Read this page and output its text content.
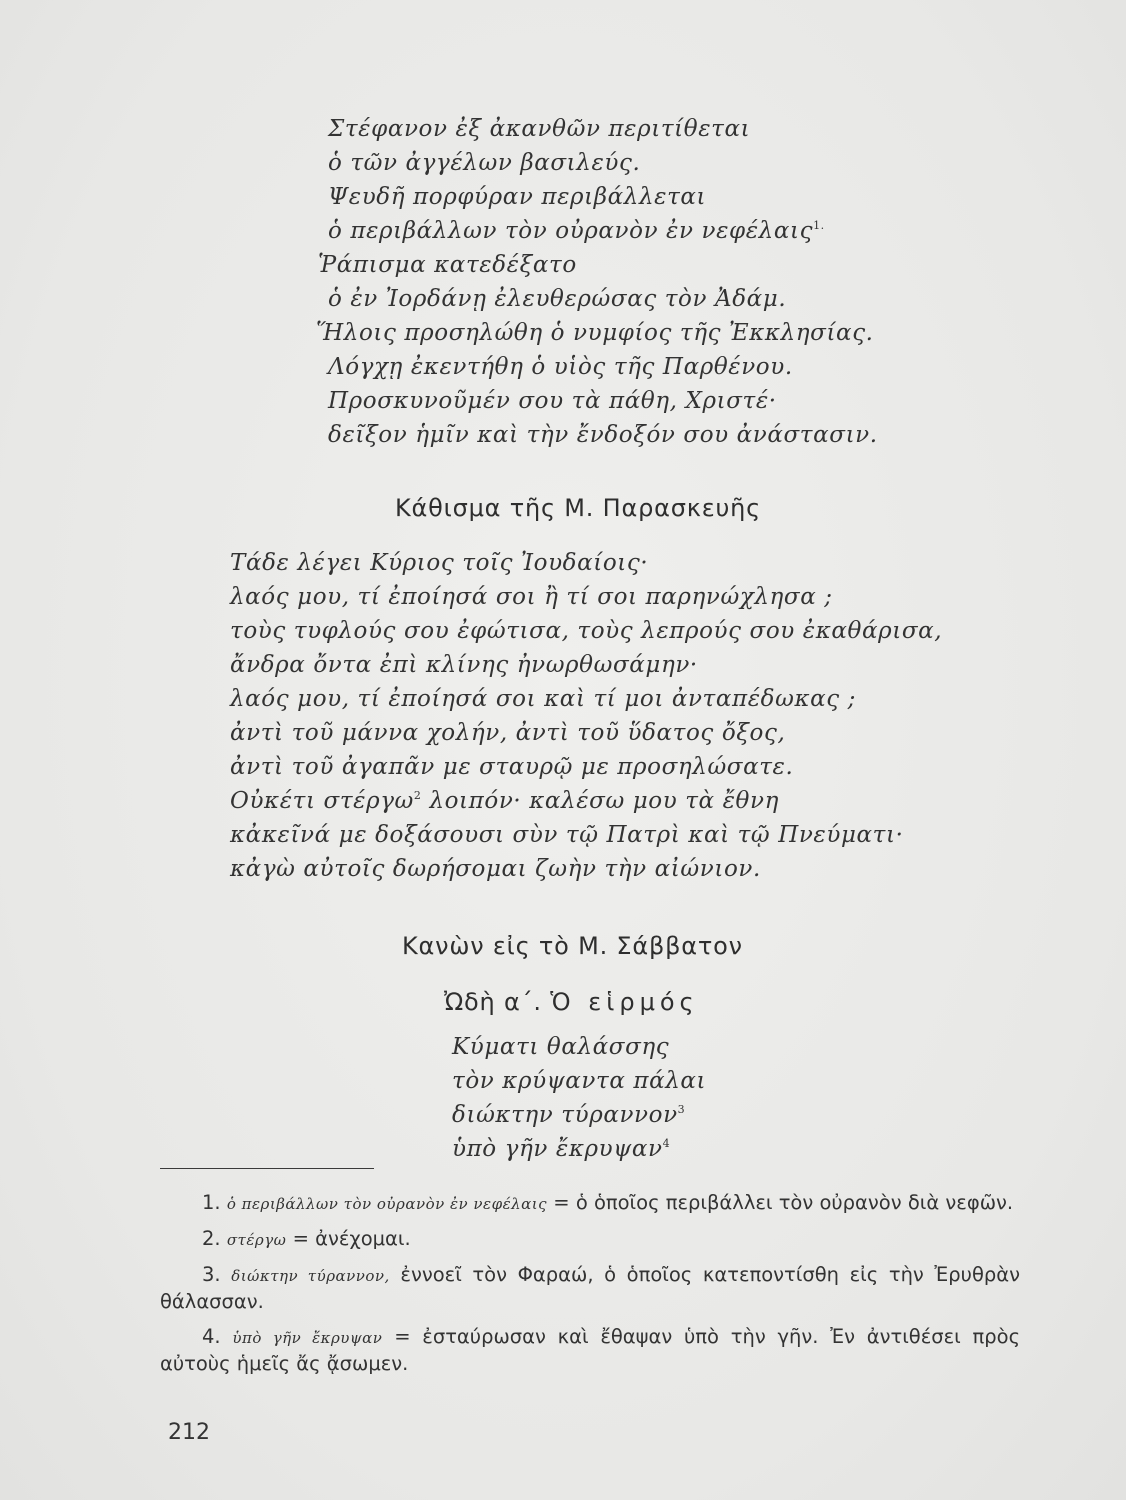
Στέφανον ἐξ ἀκανθῶν περιτίθεται
ὁ τῶν ἀγγέλων βασιλεύς.
Ψευδῆ πορφύραν περιβάλλεται
ὁ περιβάλλων τὸν οὐρανὸν ἐν νεφέλαις$^{1.}$
Ῥάπισμα κατεδέξατο
ὁ ἐν Ἰορδάνῃ ἐλευθερώσας τὸν Ἀδάμ.
Ἥλοις προσηλώθη ὁ νυμφίος τῆς Ἐκκλησίας.
Λόγχῃ ἐκεντήθη ὁ υἱὸς τῆς Παρθένου.
Προσκυνοῦμέν σου τὰ πάθη, Χριστέ·
δεῖξον ἡμῖν καὶ τὴν ἔνδοξόν σου ἀνάστασιν.
Κάθισμα τῆς Μ. Παρασκευῆς
Τάδε λέγει Κύριος τοῖς Ἰουδαίοις·
λαός μου, τί ἐποίησά σοι ἢ τί σοι παρηνώχλησα ;
τοὺς τυφλούς σου ἐφώτισα, τοὺς λεπρούς σου ἐκαθάρισα,
ἄνδρα ὄντα ἐπὶ κλίνης ἠνωρθωσάμην·
λαός μου, τί ἐποίησά σοι καὶ τί μοι ἀνταπέδωκας ;
ἀντὶ τοῦ μάννα χολήν, ἀντὶ τοῦ ὕδατος ὄξος,
ἀντὶ τοῦ ἀγαπᾶν με σταυρῷ με προσηλώσατε.
Οὐκέτι στέργω$^2$ λοιπόν· καλέσω μου τὰ ἔθνη
κἀκεῖνά με δοξάσουσι σὺν τῷ Πατρὶ καὶ τῷ Πνεύματι·
κἀγὼ αὐτοῖς δωρήσομαι ζωὴν τὴν αἰώνιον.
Κανὼν εἰς τὸ Μ. Σάββατον
Ὠδὴ α΄. Ὁ εἱρμός
Κύματι θαλάσσης
τὸν κρύψαντα πάλαι
διώκτην τύραννον$^3$
ὑπὸ γῆν ἔκρυψαν$^4$
1. ὁ περιβάλλων τὸν οὐρανὸν ἐν νεφέλαις = ὁ ὁποῖος περιβάλλει τὸν οὐρανὸν διὰ νεφῶν.
2. στέργω = ἀνέχομαι.
3. διώκτην τύραννον, ἐννοεῖ τὸν Φαραώ, ὁ ὁποῖος κατεποντίσθη εἰς τὴν Ἐρυθρὰν θάλασσαν.
4. ὑπὸ γῆν ἔκρυψαν = ἐσταύρωσαν καὶ ἔθαψαν ὑπὸ τὴν γῆν. Ἐν ἀντιθέσει πρὸς αὐτοὺς ἡμεῖς ἄς ᾄσωμεν.
212
